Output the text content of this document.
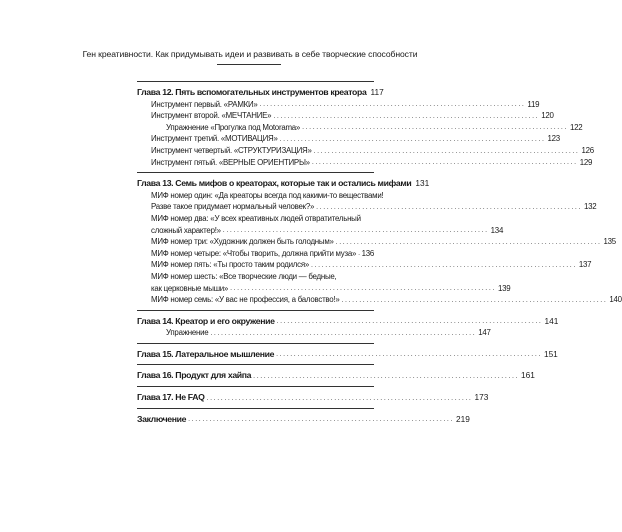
Ген креативности. Как придумывать идеи и развивать в себе творческие способности
Глава 12. Пять вспомогательных инструментов креатора 117
Инструмент первый. «РАМКИ» ........................................................................... 119
Инструмент второй. «МЕЧТАНИЕ» ........................................................................... 120
Упражнение «Прогулка под Motorama» ........................................................................... 122
Инструмент третий. «МОТИВАЦИЯ» ........................................................................... 123
Инструмент четвертый. «СТРУКТУРИЗАЦИЯ» ........................................................................... 126
Инструмент пятый. «ВЕРНЫЕ ОРИЕНТИРЫ» ........................................................................... 129
Глава 13. Семь мифов о креаторах, которые так и остались мифами 131
МИФ номер один: «Да креаторы всегда под какими-то веществами!
Разве такое придумает нормальный человек?» ........................................................................... 132
МИФ номер два: «У всех креативных людей отвратительный
сложный характер!» ........................................................................... 134
МИФ номер три: «Художник должен быть голодным» ........................................................................... 135
МИФ номер четыре: «Чтобы творить, должна прийти муза» 136
МИФ номер пять: «Ты просто таким родился» ........................................................................... 137
МИФ номер шесть: «Все творческие люди — бедные,
как церковные мыши» ........................................................................... 139
МИФ номер семь: «У вас не профессия, а баловство!» ........................................................................... 140
Глава 14. Креатор и его окружение ........................................................................... 141
Упражнение ........................................................................... 147
Глава 15. Латеральное мышление ........................................................................... 151
Глава 16. Продукт для хайпа ........................................................................... 161
Глава 17. Не FAQ ........................................................................... 173
Заключение ........................................................................... 219
